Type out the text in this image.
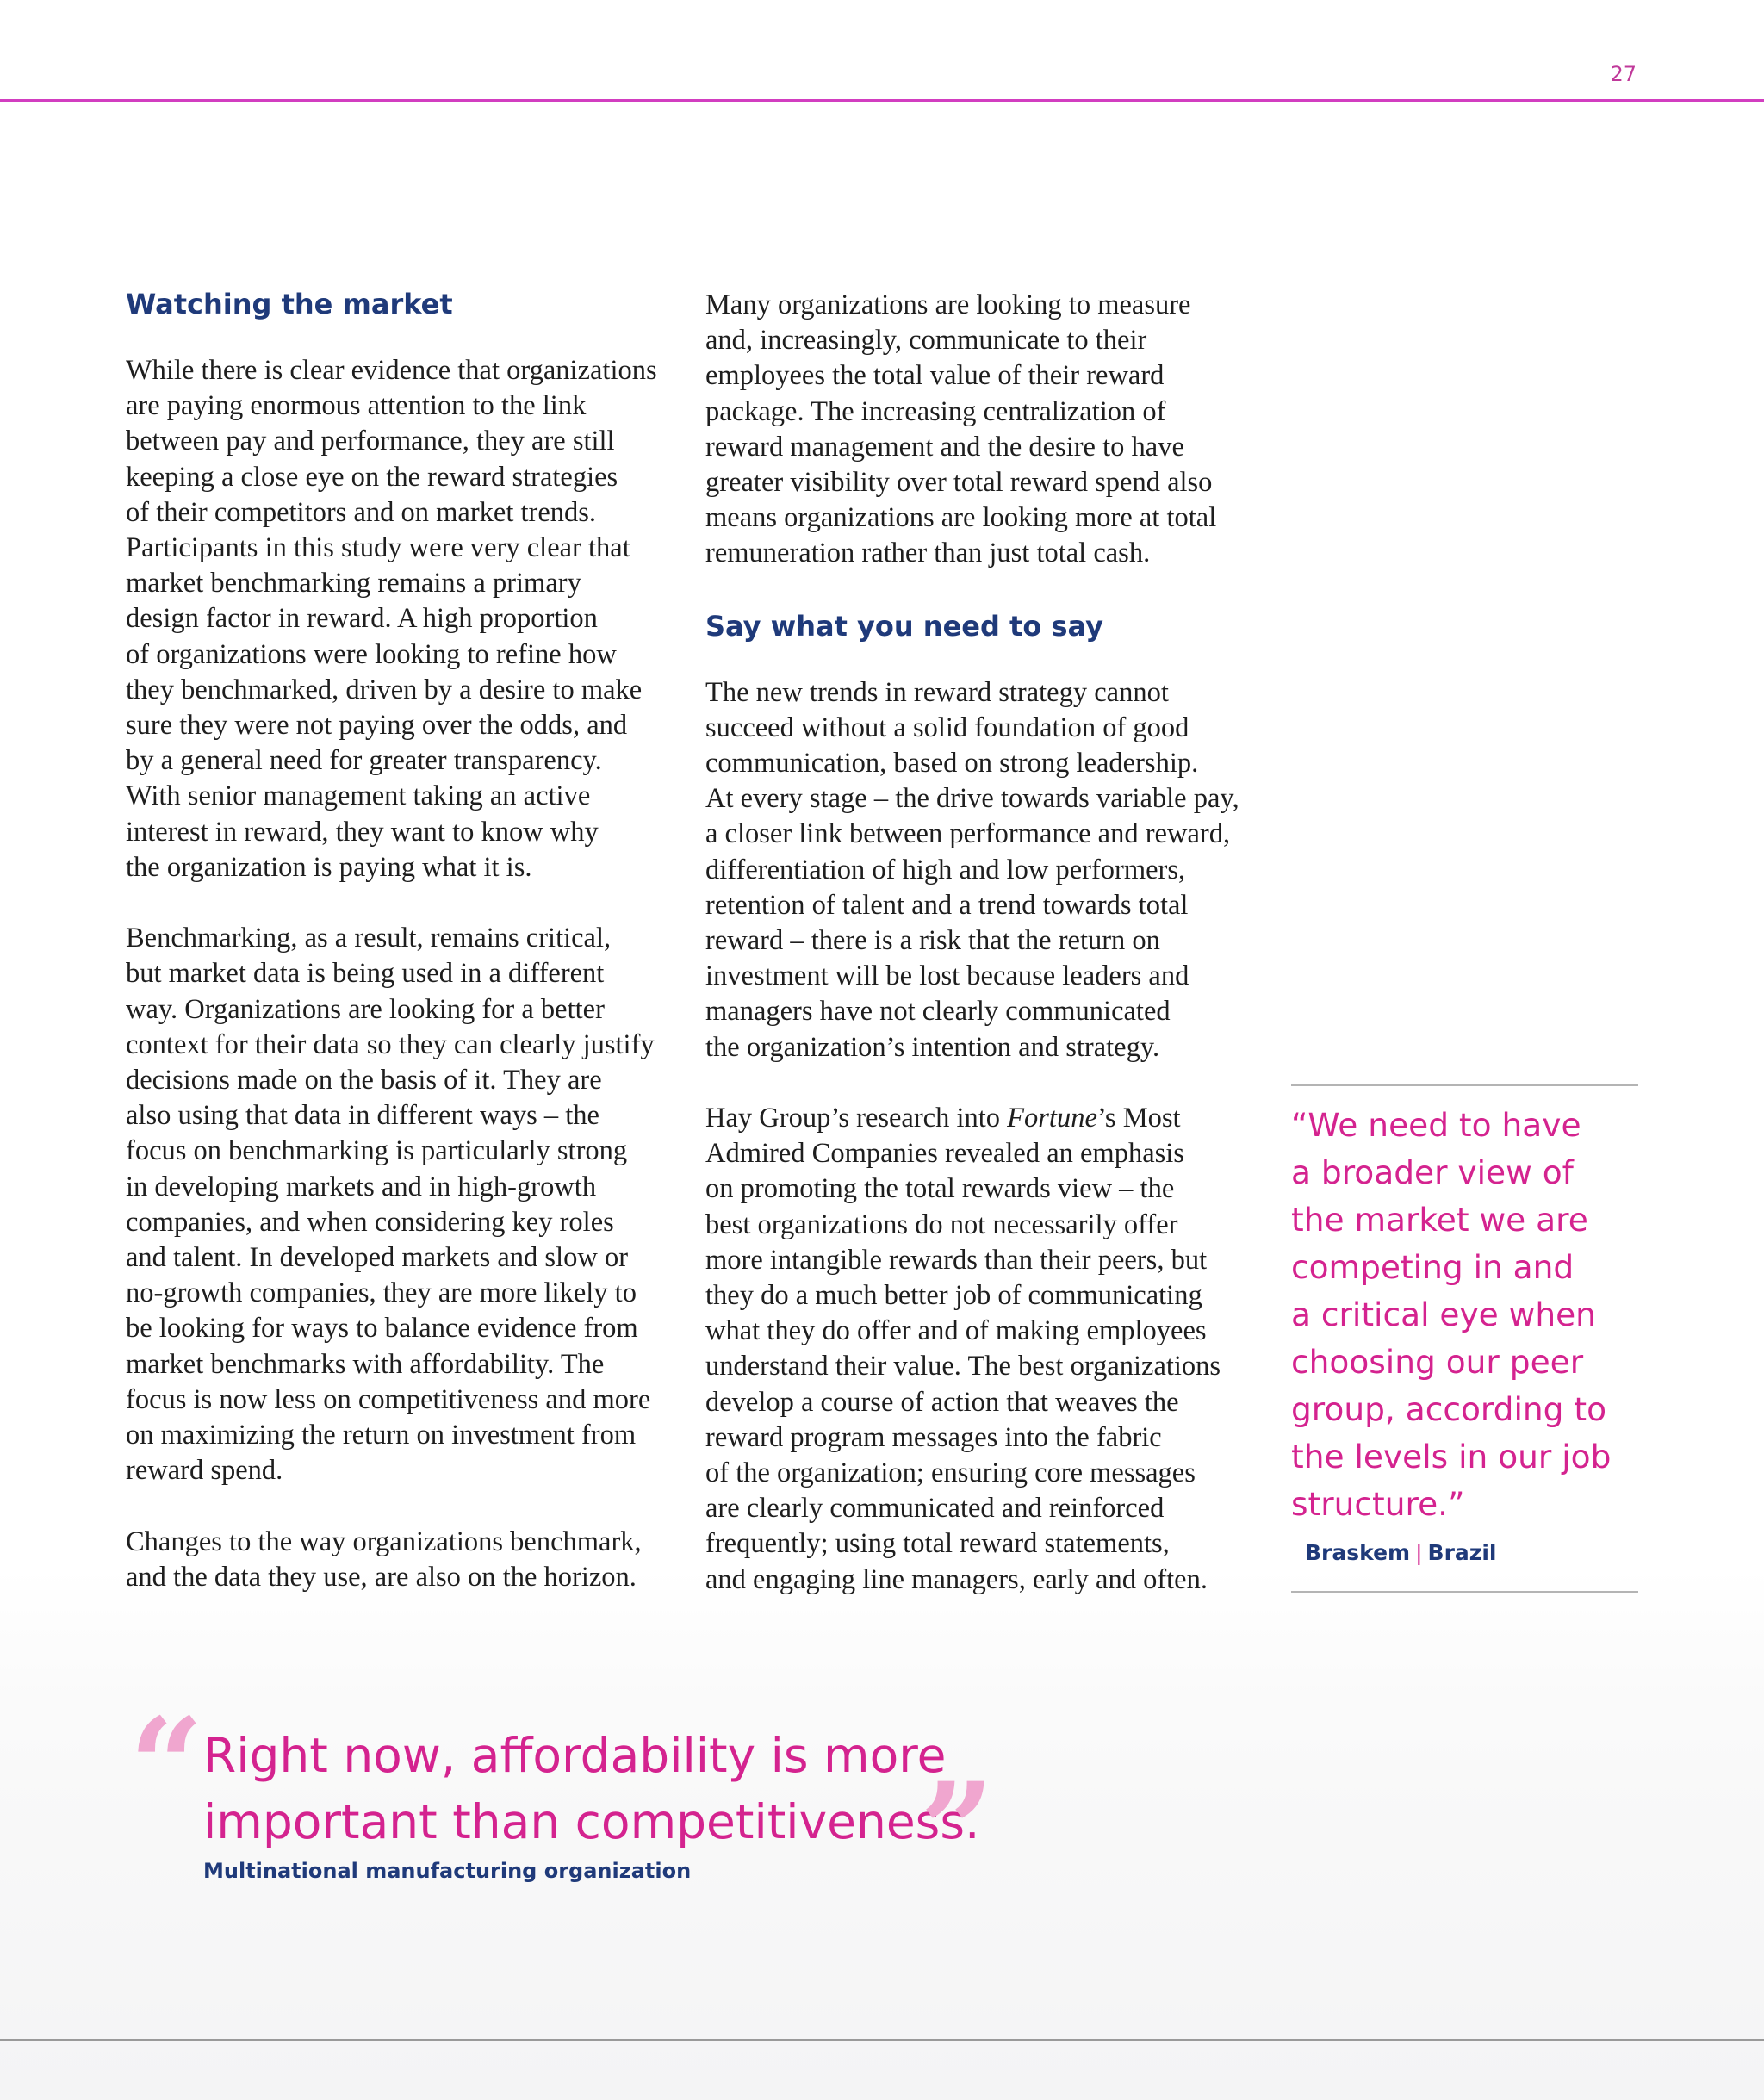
27

Watching the market

While there is clear evidence that organizations
are paying enormous attention to the link
between pay and performance, they are still
keeping a close eye on the reward strategies
of their competitors and on market trends.
Participants in this study were very clear that
market benchmarking remains a primary
design factor in reward. A high proportion
of organizations were looking to refine how
they benchmarked, driven by a desire to make
sure they were not paying over the odds, and
by a general need for greater transparency.
With senior management taking an active
interest in reward, they want to know why
the organization is paying what it is.

Benchmarking, as a result, remains critical,
but market data is being used in a different
way. Organizations are looking for a better
context for their data so they can clearly justify
decisions made on the basis of it. They are
also using that data in different ways – the
focus on benchmarking is particularly strong
in developing markets and in high-growth
companies, and when considering key roles
and talent. In developed markets and slow or
no-growth companies, they are more likely to
be looking for ways to balance evidence from
market benchmarks with affordability. The
focus is now less on competitiveness and more
on maximizing the return on investment from
reward spend.

Changes to the way organizations benchmark,
and the data they use, are also on the horizon.

Many organizations are looking to measure
and, increasingly, communicate to their
employees the total value of their reward
package. The increasing centralization of
reward management and the desire to have
greater visibility over total reward spend also
means organizations are looking more at total
remuneration rather than just total cash.

Say what you need to say

The new trends in reward strategy cannot
succeed without a solid foundation of good
communication, based on strong leadership.
At every stage – the drive towards variable pay,
a closer link between performance and reward,
differentiation of high and low performers,
retention of talent and a trend towards total
reward – there is a risk that the return on
investment will be lost because leaders and
managers have not clearly communicated
the organization’s intention and strategy.

Hay Group’s research into Fortune’s Most
Admired Companies revealed an emphasis
on promoting the total rewards view – the
best organizations do not necessarily offer
more intangible rewards than their peers, but
they do a much better job of communicating
what they do offer and of making employees
understand their value. The best organizations
develop a course of action that weaves the
reward program messages into the fabric
of the organization; ensuring core messages
are clearly communicated and reinforced
frequently; using total reward statements,
and engaging line managers, early and often.

“We need to have
a broader view of
the market we are
competing in and
a critical eye when
choosing our peer
group, according to
the levels in our job
structure.”

Braskem | Brazil
“ Right now, affordability is more
important than competitiveness.

”

Multinational manufacturing organization
